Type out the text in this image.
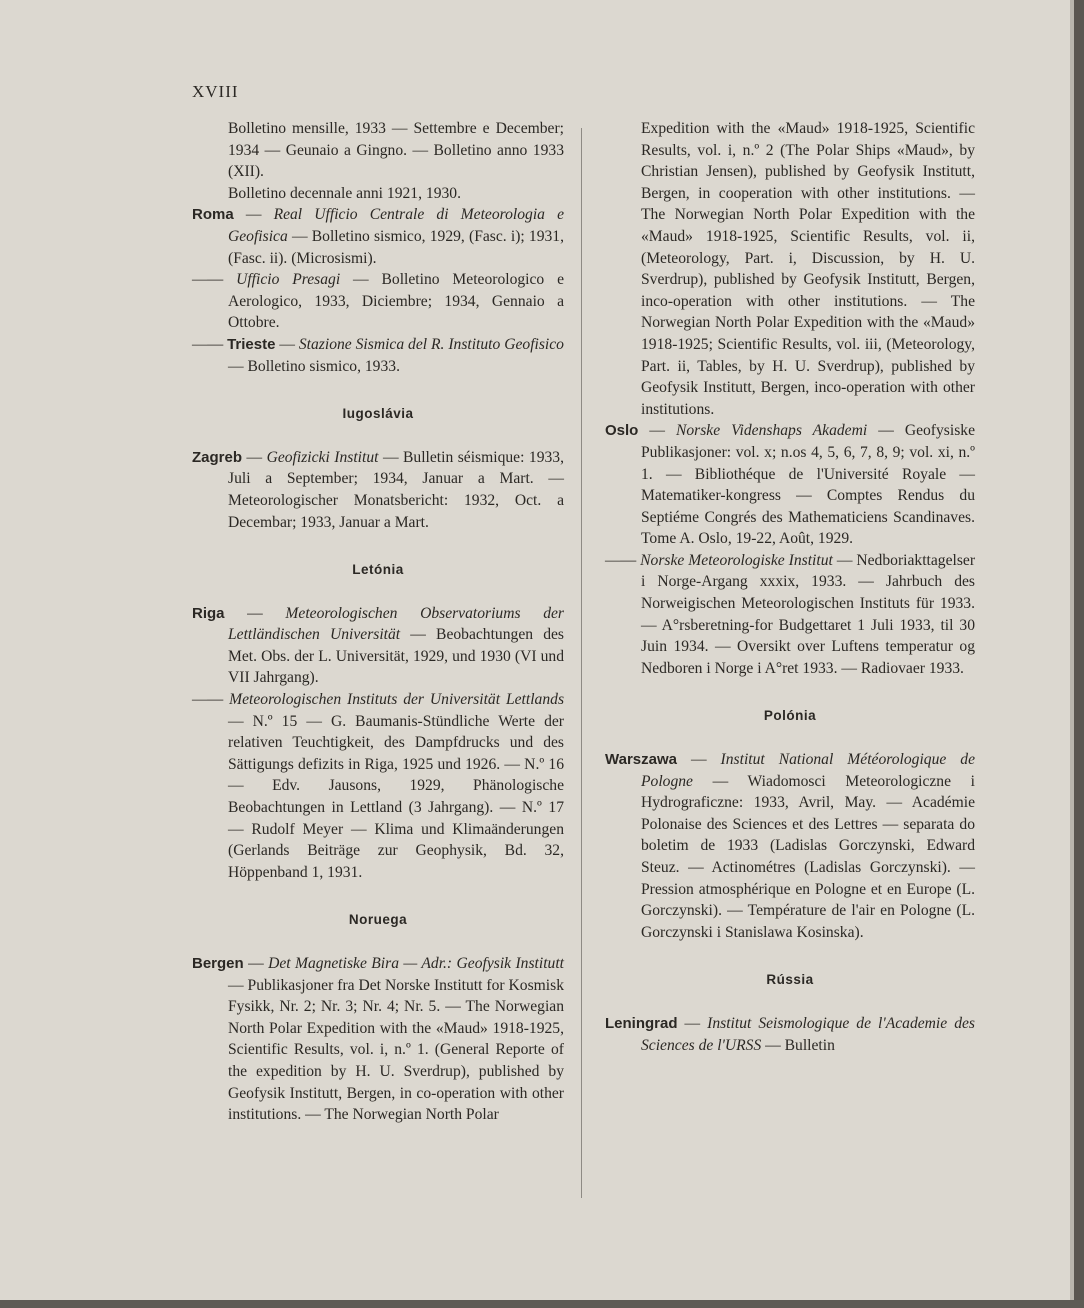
XVIII

Bolletino mensille, 1933 — Settembre e December; 1934 — Geunaio a Gingno. — Bolletino anno 1933 (XII).

Bolletino decennale anni 1921, 1930.

Roma — Real Ufficio Centrale di Meteorologia e Geofisica — Bolletino sismico, 1929, (Fasc. i); 1931, (Fasc. ii). (Microsismi).

—— Ufficio Presagi — Bolletino Meteorologico e Aerologico, 1933, Diciembre; 1934, Gennaio a Ottobre.

—— Trieste — Stazione Sismica del R. Instituto Geofisico — Bolletino sismico, 1933.

Iugoslávia

Zagreb — Geofizicki Institut — Bulletin séismique: 1933, Juli a September; 1934, Januar a Mart. — Meteorologischer Monatsbericht: 1932, Oct. a Decembar; 1933, Januar a Mart.

Letónia

Riga — Meteorologischen Observatoriums der Lettländischen Universität — Beobachtungen des Met. Obs. der L. Universität, 1929, und 1930 (VI und VII Jahrgang).

—— Meteorologischen Instituts der Universität Lettlands — N.º 15 — G. Baumanis-Stündliche Werte der relativen Teuchtigkeit, des Dampfdrucks und des Sättigungs defizits in Riga, 1925 und 1926. — N.º 16 — Edv. Jausons, 1929, Phänologische Beobachtungen in Lettland (3 Jahrgang). — N.º 17 — Rudolf Meyer — Klima und Klimaänderungen (Gerlands Beiträge zur Geophysik, Bd. 32, Höppenband 1, 1931.

Noruega

Bergen — Det Magnetiske Bira — Adr.: Geofysik Institutt — Publikasjoner fra Det Norske Institutt for Kosmisk Fysikk, Nr. 2; Nr. 3; Nr. 4; Nr. 5. — The Norwegian North Polar Expedition with the «Maud» 1918-1925, Scientific Results, vol. i, n.º 1. (General Reporte of the expedition by H. U. Sverdrup), published by Geofysik Institutt, Bergen, in co-operation with other institutions. — The Norwegian North Polar

Expedition with the «Maud» 1918-1925, Scientific Results, vol. i, n.º 2 (The Polar Ships «Maud», by Christian Jensen), published by Geofysik Institutt, Bergen, in cooperation with other institutions. — The Norwegian North Polar Expedition with the «Maud» 1918-1925, Scientific Results, vol. ii, (Meteorology, Part. i, Discussion, by H. U. Sverdrup), published by Geofysik Institutt, Bergen, inco-operation with other institutions. — The Norwegian North Polar Expedition with the «Maud» 1918-1925; Scientific Results, vol. iii, (Meteorology, Part. ii, Tables, by H. U. Sverdrup), published by Geofysik Institutt, Bergen, inco-operation with other institutions.

Oslo — Norske Videnshaps Akademi — Geofysiske Publikasjoner: vol. x; n.os 4, 5, 6, 7, 8, 9; vol. xi, n.º 1. — Bibliothéque de l'Université Royale — Matematiker-kongress — Comptes Rendus du Septiéme Congrés des Mathematiciens Scandinaves. Tome A. Oslo, 19-22, Août, 1929.

—— Norske Meteorologiske Institut — Nedboriakttagelser i Norge-Argang xxxix, 1933. — Jahrbuch des Norweigischen Meteorologischen Instituts für 1933. — A°rsberetning-for Budgettaret 1 Juli 1933, til 30 Juin 1934. — Oversikt over Luftens temperatur og Nedboren i Norge i A°ret 1933. — Radiovaer 1933.

Polónia

Warszawa — Institut National Météorologique de Pologne — Wiadomosci Meteorologiczne i Hydrograficzne: 1933, Avril, May. — Académie Polonaise des Sciences et des Lettres — separata do boletim de 1933 (Ladislas Gorczynski, Edward Steuz. — Actinométres (Ladislas Gorczynski). — Pression atmosphérique en Pologne et en Europe (L. Gorczynski). — Température de l'air en Pologne (L. Gorczynski i Stanislawa Kosinska).

Rússia

Leningrad — Institut Seismologique de l'Academie des Sciences de l'URSS — Bulletin
